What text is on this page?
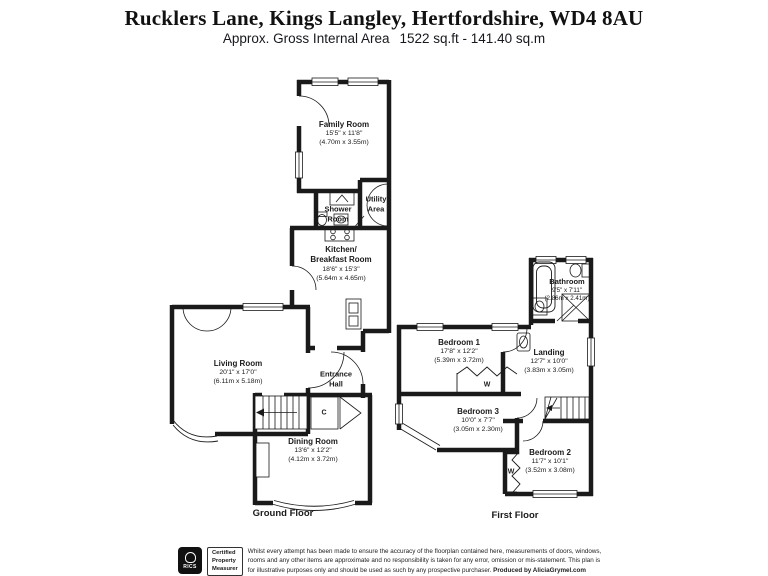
Rucklers Lane, Kings Langley, Hertfordshire, WD4 8AU
Approx. Gross Internal Area 1522 sq.ft - 141.40 sq.m
Family Room
15'5" x 11'8"
(4.70m x 3.55m)
Shower
Room
Utility
Area
Kitchen/
Breakfast Room
18'6" x 15'3"
(5.64m x 4.65m)
Living Room
20'1" x 17'0"
(6.11m x 5.18m)
Entrance
Hall
C
Dining Room
13'6" x 12'2"
(4.12m x 3.72m)
Ground Floor
Bathroom
9'5" x 7'11"
(2.86m x 2.41m)
Bedroom 1
17'8" x 12'2"
(5.39m x 3.72m)
Landing
12'7" x 10'0"
(3.83m x 3.05m)
Bedroom 3
10'0" x 7'7"
(3.05m x 2.30m)
Bedroom 2
11'7" x 10'1"
(3.52m x 3.08m)
W
W
First Floor
RICS
Certified
Property
Measurer
Whilst every attempt has been made to ensure the accuracy of the floorplan contained here, measurements of doors, windows, rooms and any other items are approximate and no responsibility is taken for any error, omission or mis-statement. This plan is for illustrative purposes only and should be used as such by any prospective purchaser. Produced by AliciaGrymel.com
